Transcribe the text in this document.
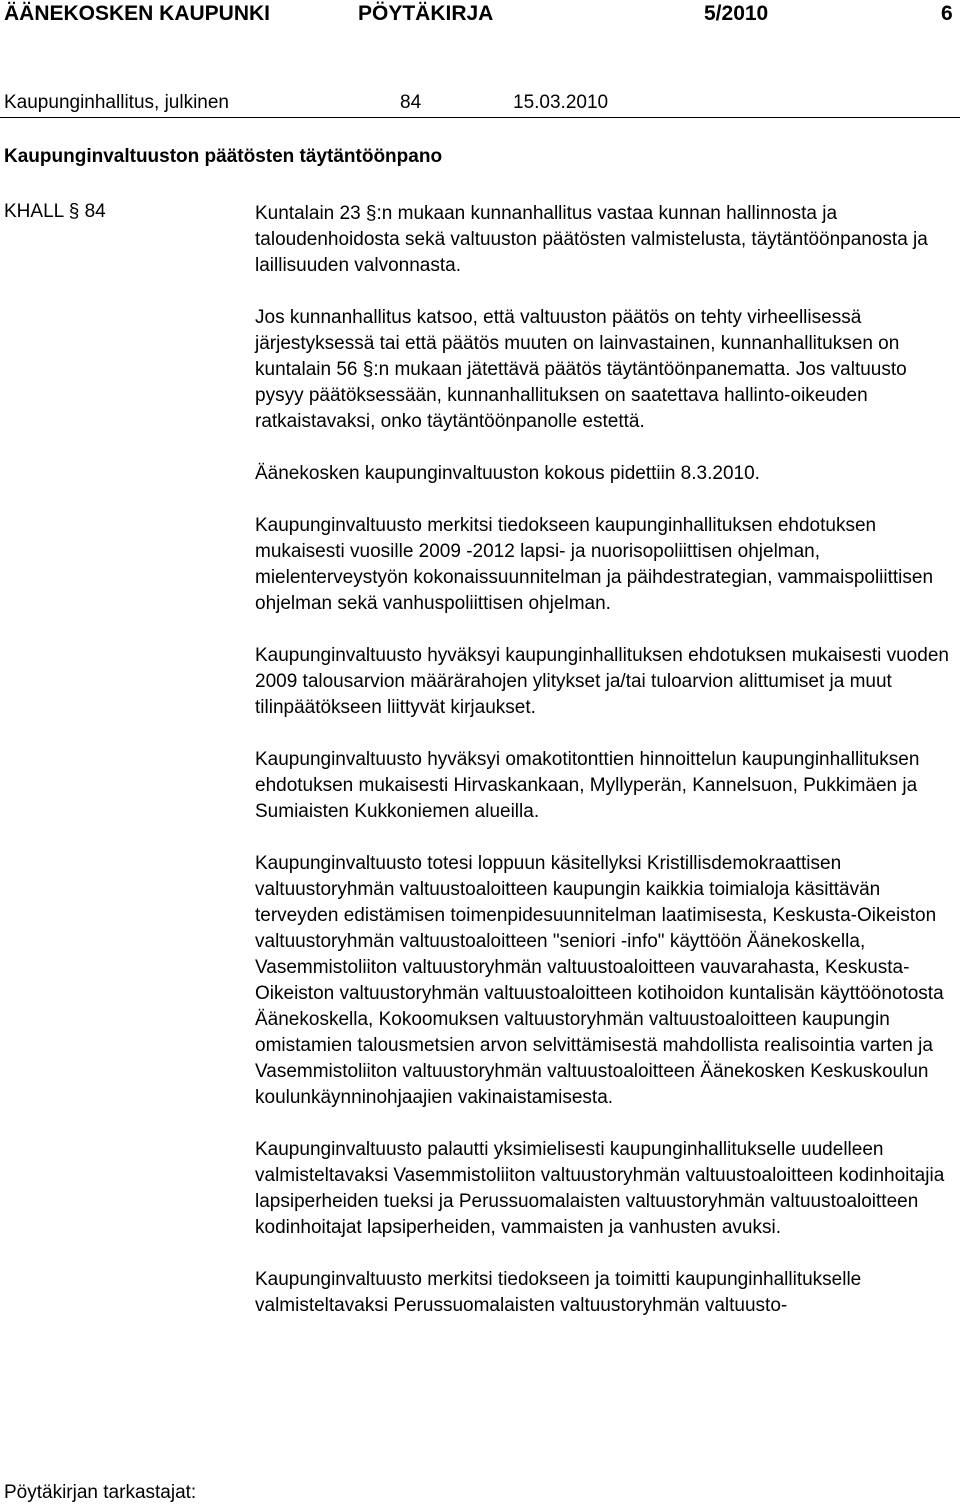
ÄÄNEKOSKEN KAUPUNKI	PÖYTÄKIRJA	5/2010	6
Kaupunginhallitus, julkinen	84	15.03.2010
Kaupunginvaltuuston päätösten täytäntöönpano
KHALL § 84	Kuntalain 23 §:n mukaan kunnanhallitus vastaa kunnan hallinnosta ja taloudenhoidosta sekä valtuuston päätösten valmistelusta, täytäntöönpanosta ja laillisuuden valvonnasta.

Jos kunnanhallitus katsoo, että valtuuston päätös on tehty virheellisessä järjestyksessä tai että päätös muuten on lainvastainen, kunnanhallituksen on kuntalain 56 §:n mukaan jätettävä päätös täytäntöönpanematta. Jos valtuusto pysyy päätöksessään, kunnanhallituksen on saatettava hallinto-oikeuden ratkaistavaksi, onko täytäntöönpanolle estettä.

Äänekosken kaupunginvaltuuston kokous pidettiin 8.3.2010.

Kaupunginvaltuusto merkitsi tiedokseen kaupunginhallituksen ehdotuksen mukaisesti vuosille 2009 -2012 lapsi- ja nuorisopoliittisen ohjelman, mielenterveystyön kokonaissuunnitelman ja päihdestrategian, vammaispoliittisen ohjelman sekä vanhuspoliittisen ohjelman.

Kaupunginvaltuusto hyväksyi kaupunginhallituksen ehdotuksen mukaisesti vuoden 2009 talousarvion määrärahojen ylitykset ja/tai tuloarvion alittumiset ja muut tilinpäätökseen liittyvät kirjaukset.

Kaupunginvaltuusto hyväksyi omakotitonttien hinnoittelun kaupunginhallituksen ehdotuksen mukaisesti Hirvaskankaan, Myllyperän, Kannelsuon, Pukkimäen ja Sumiaisten Kukkoniemen alueilla.

Kaupunginvaltuusto totesi loppuun käsitellyksi Kristillisdemokraattisen valtuustoryhmän valtuustoaloitteen kaupungin kaikkia toimialoja käsittävän terveyden edistämisen toimenpidesuunnitelman laatimisesta, Keskusta-Oikeiston valtuustoryhmän valtuustoaloitteen "seniori -info" käyttöön Äänekoskella, Vasemmistoliiton valtuustoryhmän valtuustoaloitteen vauvarahasta, Keskusta-Oikeiston valtuustoryhmän valtuustoaloitteen kotihoidon kuntalisän käyttöönotosta Äänekoskella, Kokoomuksen valtuustoryhmän valtuustoaloitteen kaupungin omistamien talousmetsien arvon selvittämisestä mahdollista realisointia varten ja Vasemmistoliiton valtuustoryhmän valtuustoaloitteen Äänekosken Keskuskoulun koulunkäynninohjaajien vakinaistamisesta.

Kaupunginvaltuusto palautti yksimielisesti kaupunginhallitukselle uudelleen valmisteltavaksi Vasemmistoliiton valtuustoryhmän valtuustoaloitteen kodinhoitajia lapsiperheiden tueksi ja Perussuomalaisten valtuustoryhmän valtuustoaloitteen kodinhoitajat lapsiperheiden, vammaisten ja vanhusten avuksi.

Kaupunginvaltuusto merkitsi tiedokseen ja toimitti kaupunginhallitukselle valmisteltavaksi Perussuomalaisten valtuustoryhmän valtuusto-

Pöytäkirjan tarkastajat:
